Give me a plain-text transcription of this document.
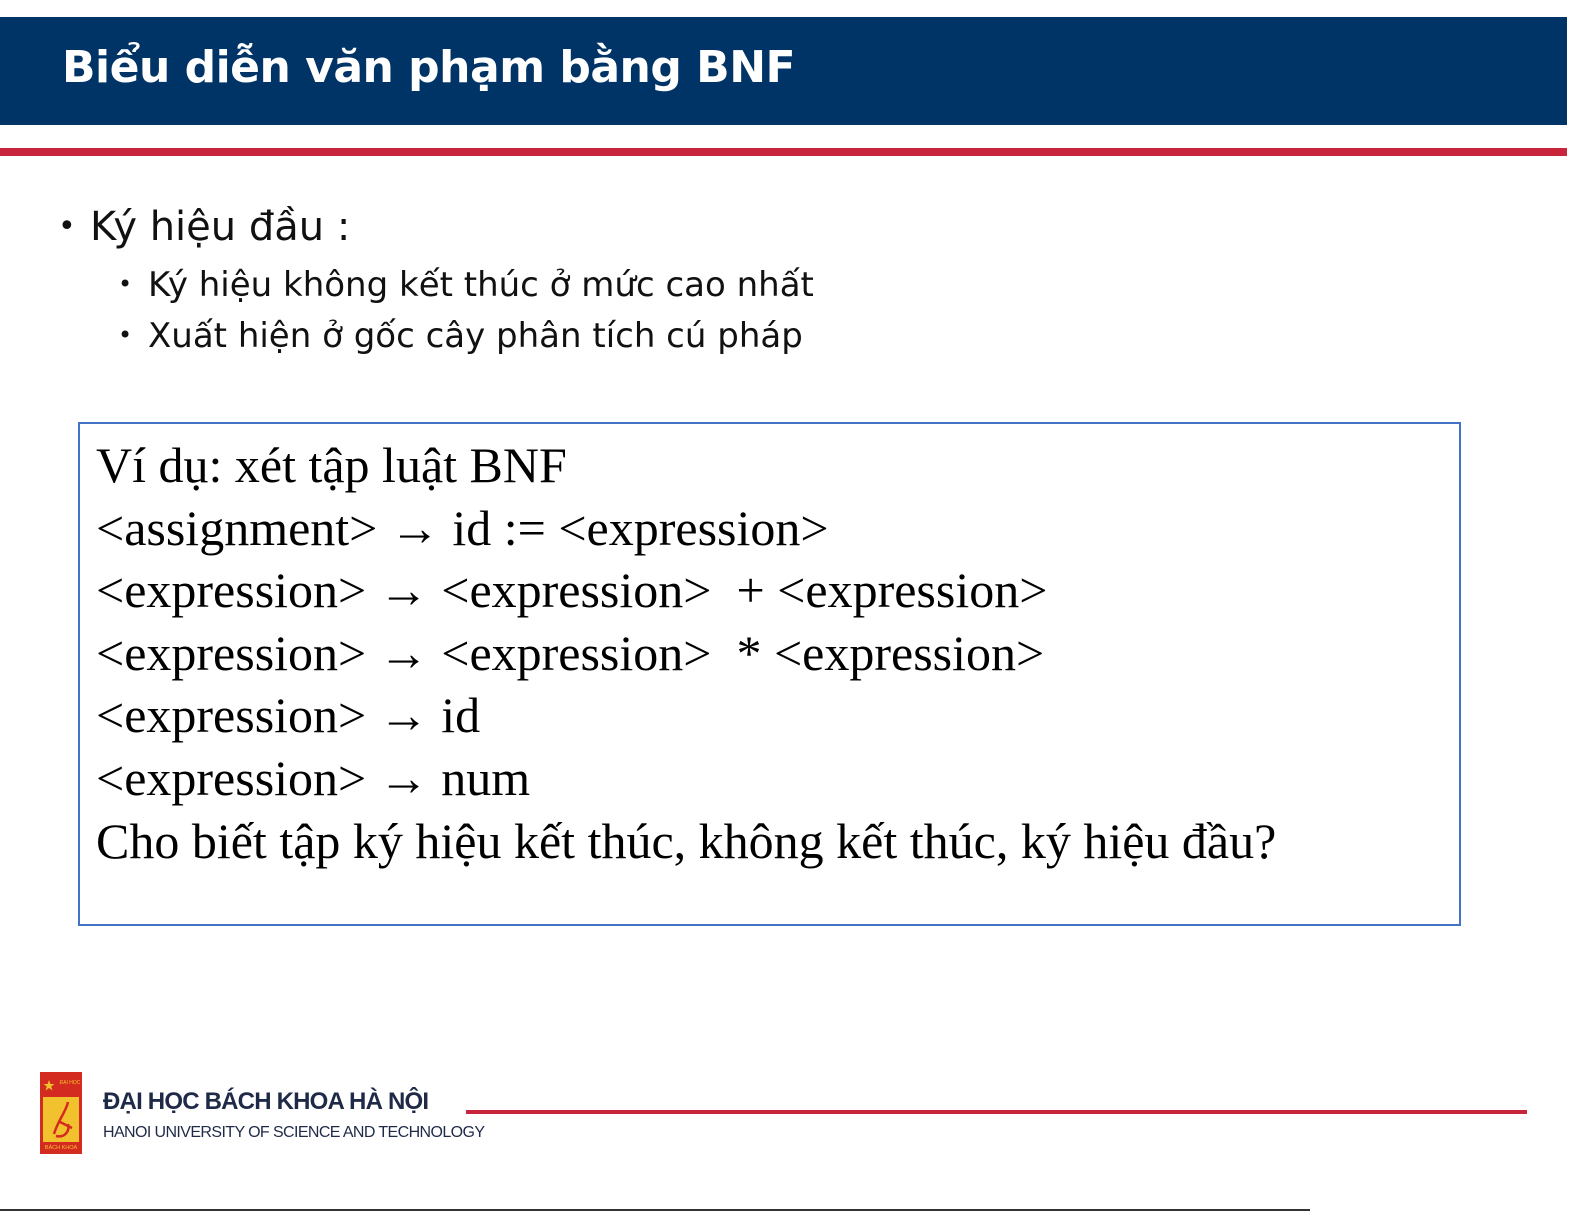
Biểu diễn văn phạm bằng BNF
• Ký hiệu đầu :
• Ký hiệu không kết thúc ở mức cao nhất
• Xuất hiện ở gốc cây phân tích cú pháp
Ví dụ: xét tập luật BNF
<assignment> → id := <expression>
<expression> → <expression>  + <expression>
<expression> → <expression>  * <expression>
<expression> → id
<expression> → num
Cho biết tập ký hiệu kết thúc, không kết thúc, ký hiệu đầu?
ĐẠI HỌC
BÁCH KHOA
ĐẠI HỌC BÁCH KHOA HÀ NỘI
HANOI UNIVERSITY OF SCIENCE AND TECHNOLOGY
